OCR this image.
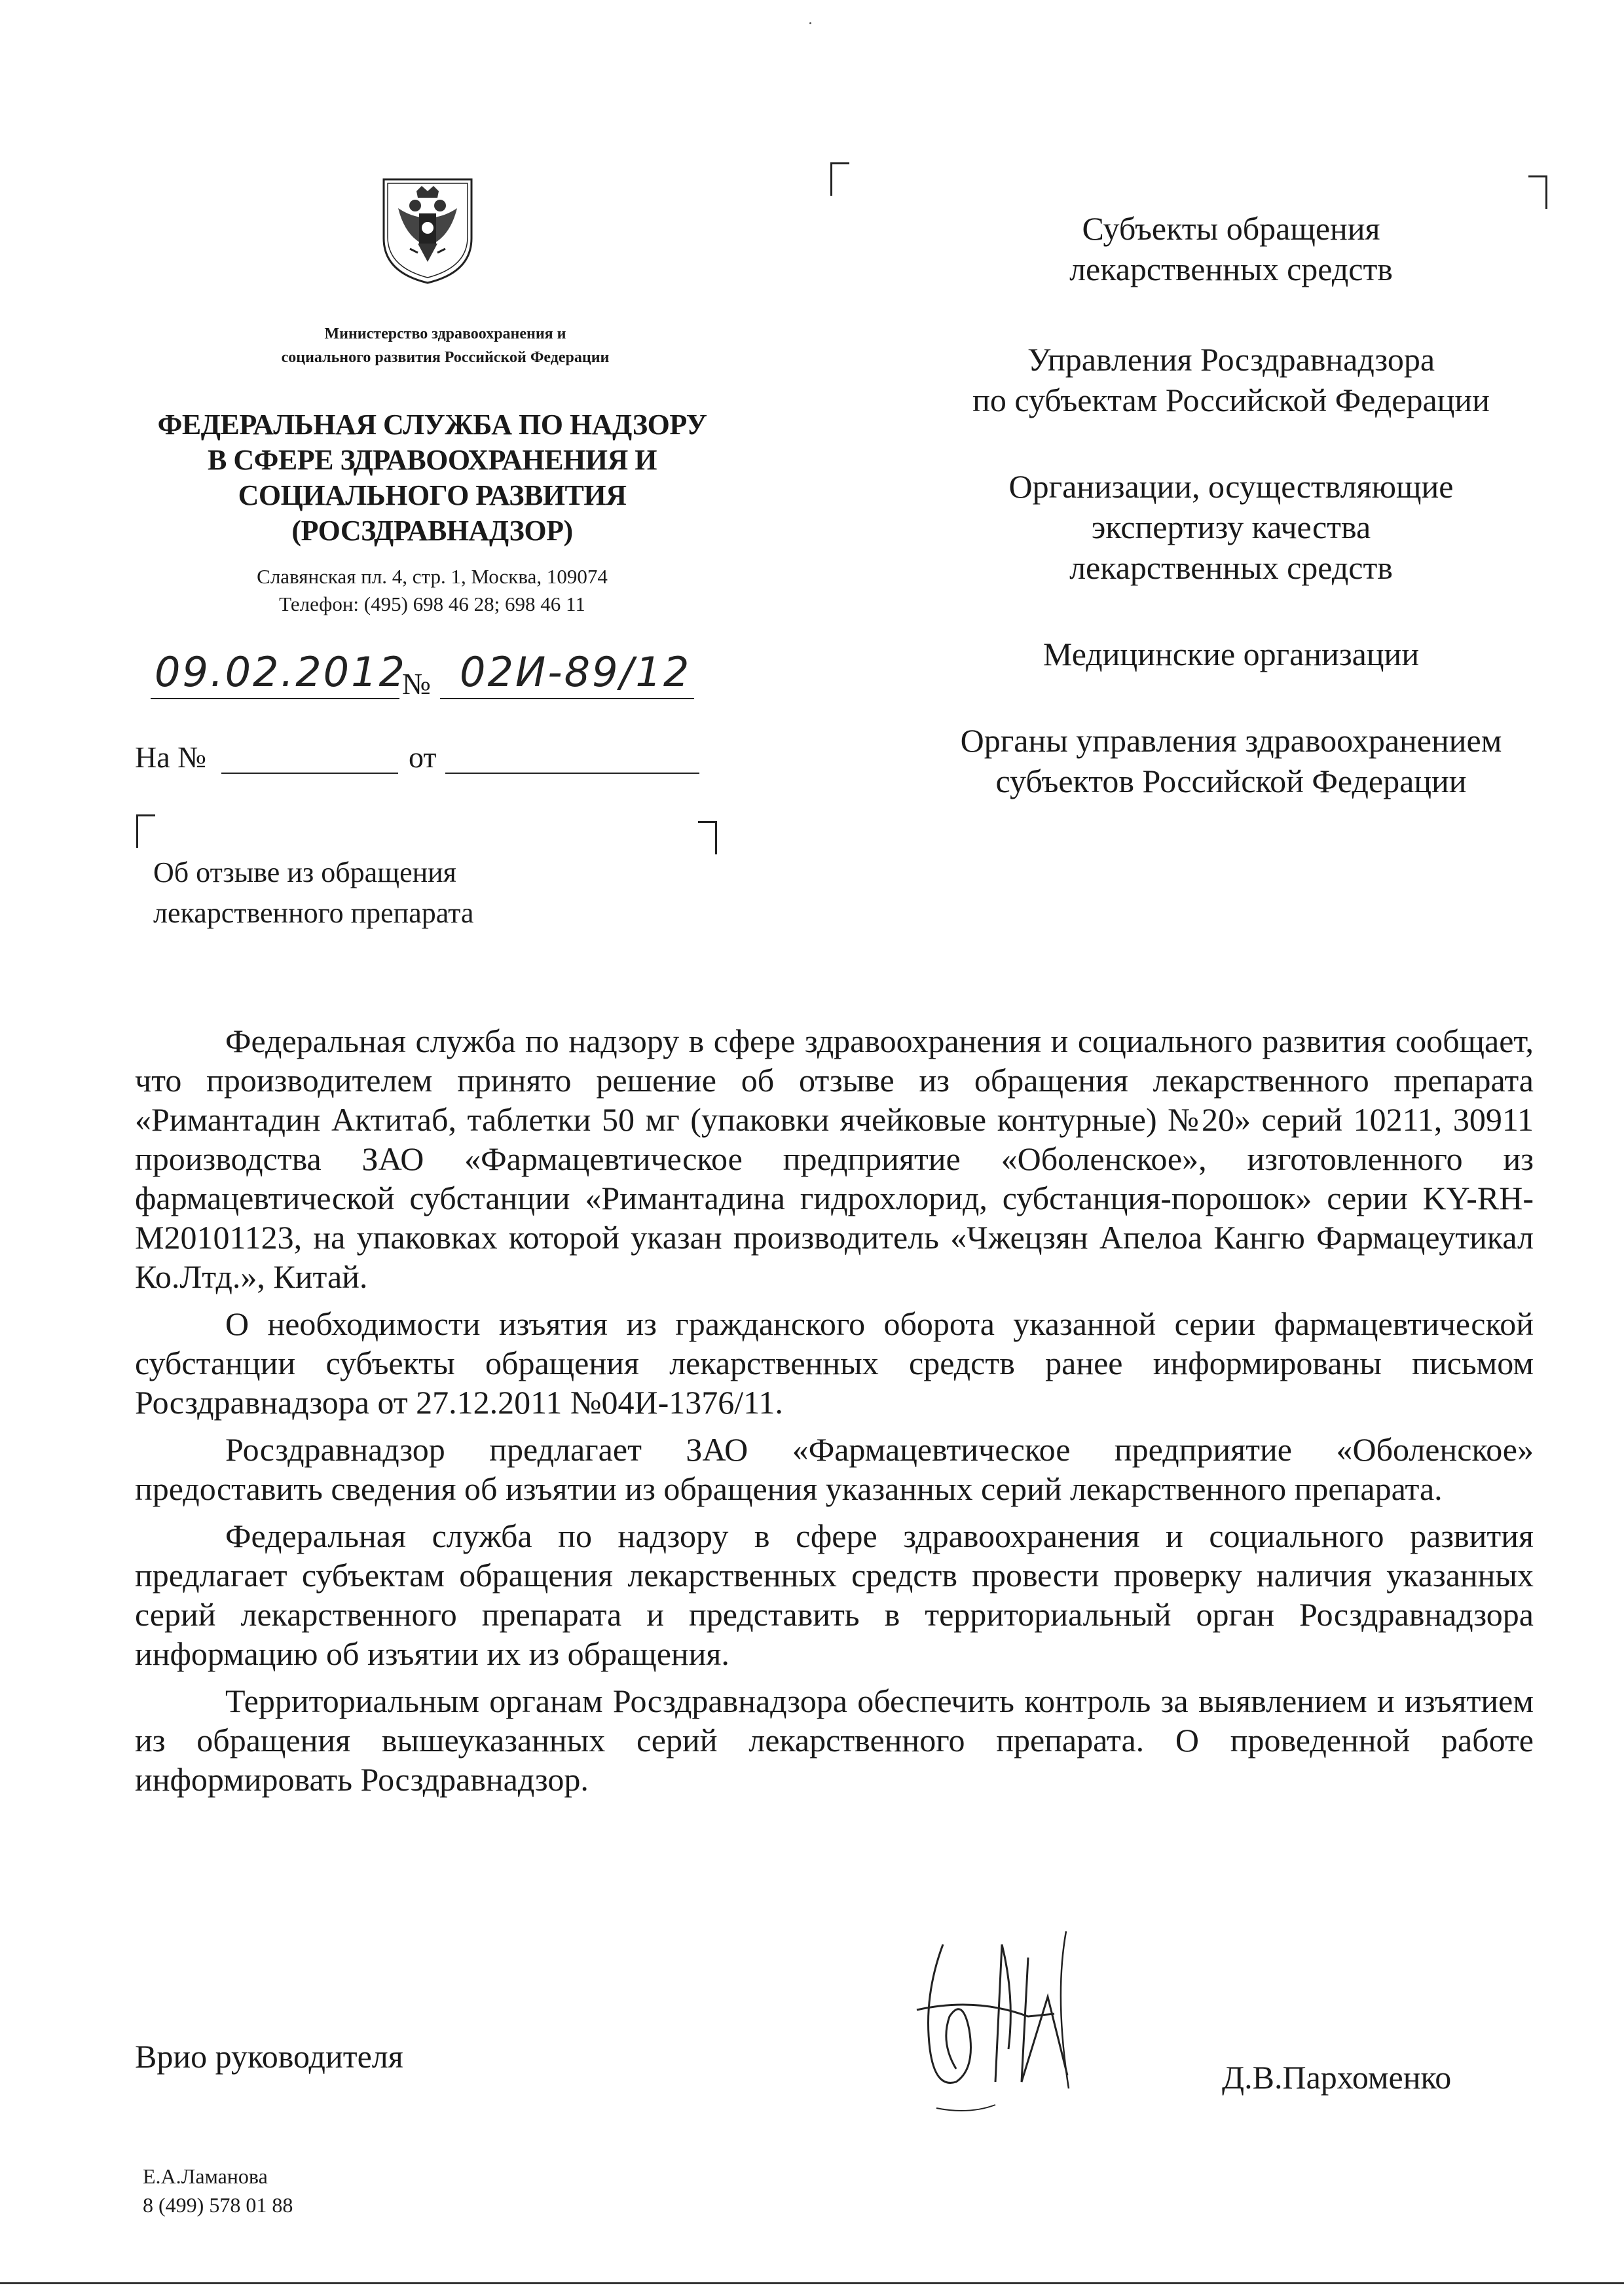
Министерство здравоохранения и
социального развития Российской Федерации
ФЕДЕРАЛЬНАЯ СЛУЖБА ПО НАДЗОРУ
В СФЕРЕ ЗДРАВООХРАНЕНИЯ И
СОЦИАЛЬНОГО РАЗВИТИЯ
(РОСЗДРАВНАДЗОР)
Славянская пл. 4, стр. 1, Москва, 109074
Телефон: (495) 698 46 28; 698 46 11
09.02.2012
№ 02И-89/12
На №	от
Об отзыве из обращения
лекарственного препарата
Субъекты обращения
лекарственных средств
Управления Росздравнадзора
по субъектам Российской Федерации
Организации, осуществляющие
экспертизу качества
лекарственных средств
Медицинские организации
Органы управления здравоохранением
субъектов Российской Федерации

Федеральная служба по надзору в сфере здравоохранения и социального развития сообщает, что производителем принято решение об отзыве из обращения лекарственного препарата «Римантадин Актитаб, таблетки 50 мг (упаковки ячейковые контурные) №20» серий 10211, 30911 производства ЗАО «Фармацевтическое предприятие «Оболенское», изготовленного из фармацевтической субстанции «Римантадина гидрохлорид, субстанция-порошок» серии KY-RH-M20101123, на упаковках которой указан производитель «Чжецзян Апелоа Кангю Фармацеутикал Ко.Лтд.», Китай.

О необходимости изъятия из гражданского оборота указанной серии фармацевтической субстанции субъекты обращения лекарственных средств ранее информированы письмом Росздравнадзора от 27.12.2011 №04И-1376/11.

Росздравнадзор предлагает ЗАО «Фармацевтическое предприятие «Оболенское» предоставить сведения об изъятии из обращения указанных серий лекарственного препарата.

Федеральная служба по надзору в сфере здравоохранения и социального развития предлагает субъектам обращения лекарственных средств провести проверку наличия указанных серий лекарственного препарата и представить в территориальный орган Росздравнадзора информацию об изъятии их из обращения.

Территориальным органам Росздравнадзора обеспечить контроль за выявлением и изъятием из обращения вышеуказанных серий лекарственного препарата. О проведенной работе информировать Росздравнадзор.

Врио руководителя
Д.В.Пархоменко
Е.А.Ламанова
8 (499) 578 01 88
